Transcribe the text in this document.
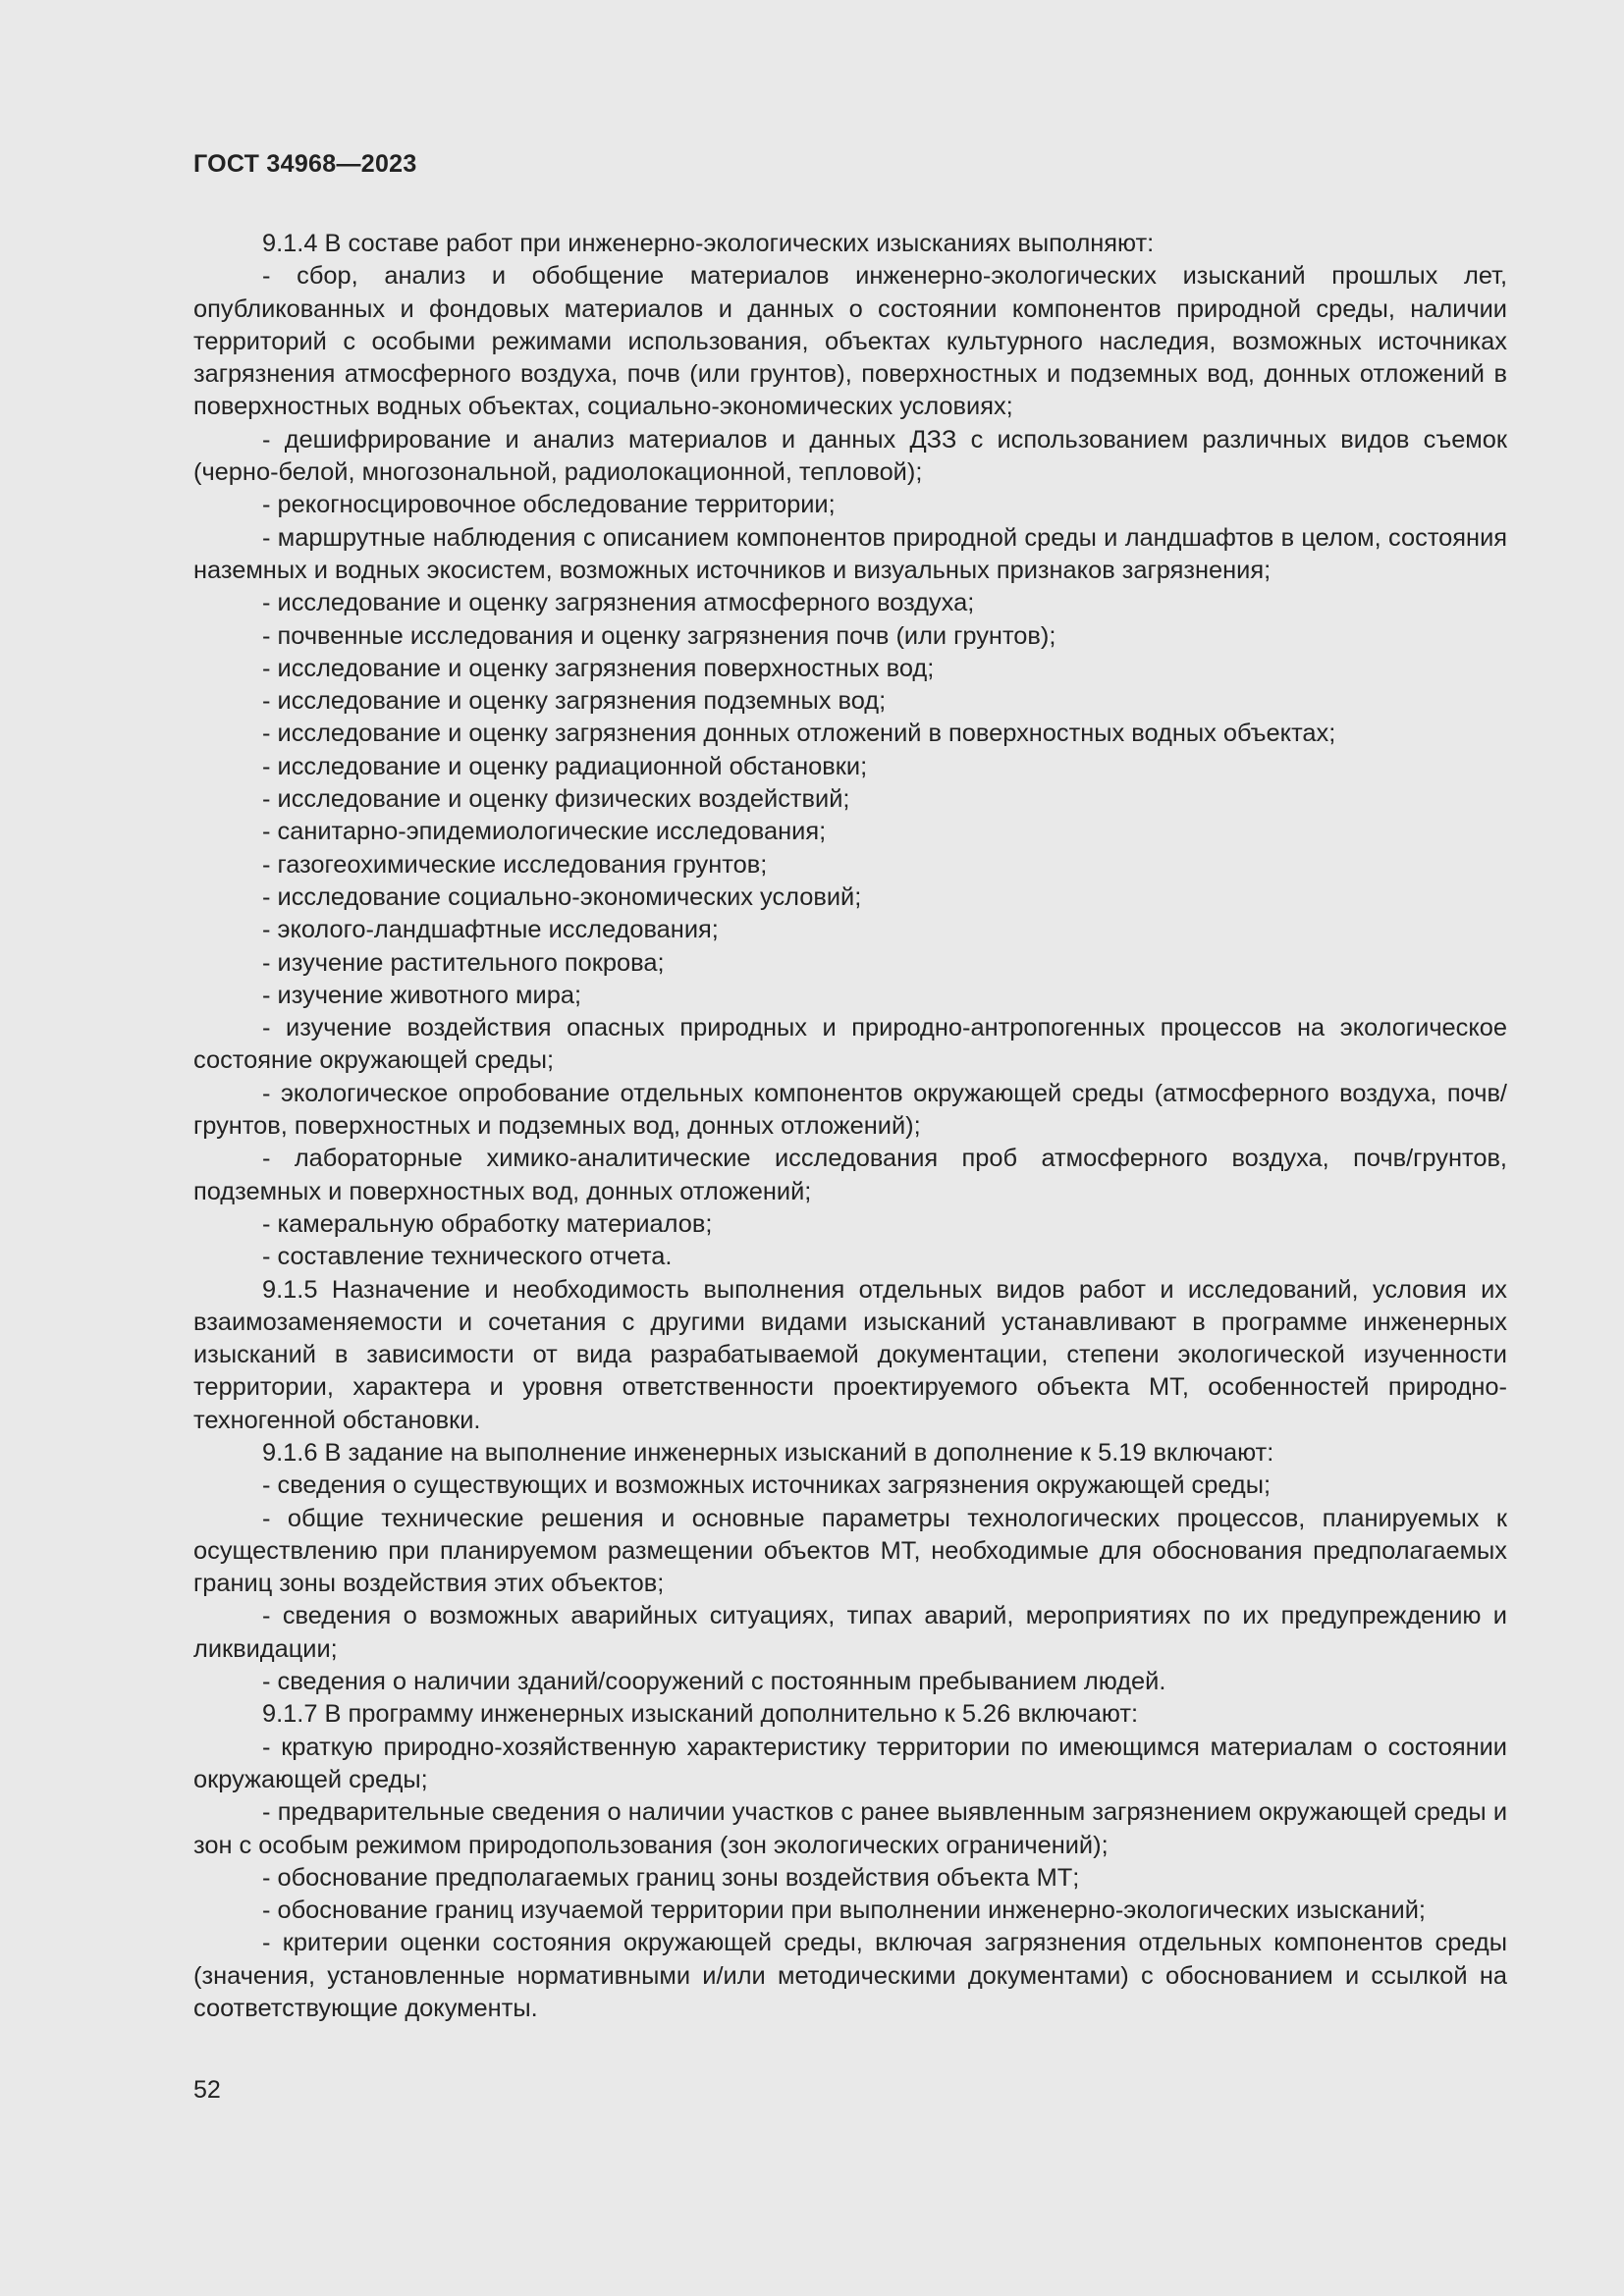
ГОСТ 34968—2023

9.1.4 В составе работ при инженерно-экологических изысканиях выполняют:

- сбор, анализ и обобщение материалов инженерно-экологических изысканий прошлых лет, опубликованных и фондовых материалов и данных о состоянии компонентов природной среды, наличии территорий с особыми режимами использования, объектах культурного наследия, возможных источниках загрязнения атмосферного воздуха, почв (или грунтов), поверхностных и подземных вод, донных отложений в поверхностных водных объектах, социально-экономических условиях;

- дешифрирование и анализ материалов и данных ДЗЗ с использованием различных видов съемок (черно-белой, многозональной, радиолокационной, тепловой);

- рекогносцировочное обследование территории;

- маршрутные наблюдения с описанием компонентов природной среды и ландшафтов в целом, состояния наземных и водных экосистем, возможных источников и визуальных признаков загрязнения;

- исследование и оценку загрязнения атмосферного воздуха;

- почвенные исследования и оценку загрязнения почв (или грунтов);

- исследование и оценку загрязнения поверхностных вод;

- исследование и оценку загрязнения подземных вод;

- исследование и оценку загрязнения донных отложений в поверхностных водных объектах;

- исследование и оценку радиационной обстановки;

- исследование и оценку физических воздействий;

- санитарно-эпидемиологические исследования;

- газогеохимические исследования грунтов;

- исследование социально-экономических условий;

- эколого-ландшафтные исследования;

- изучение растительного покрова;

- изучение животного мира;

- изучение воздействия опасных природных и природно-антропогенных процессов на экологическое состояние окружающей среды;

- экологическое опробование отдельных компонентов окружающей среды (атмосферного воздуха, почв/грунтов, поверхностных и подземных вод, донных отложений);

- лабораторные химико-аналитические исследования проб атмосферного воздуха, почв/грунтов, подземных и поверхностных вод, донных отложений;

- камеральную обработку материалов;

- составление технического отчета.

9.1.5 Назначение и необходимость выполнения отдельных видов работ и исследований, условия их взаимозаменяемости и сочетания с другими видами изысканий устанавливают в программе инженерных изысканий в зависимости от вида разрабатываемой документации, степени экологической изученности территории, характера и уровня ответственности проектируемого объекта МТ, особенностей природно-техногенной обстановки.

9.1.6 В задание на выполнение инженерных изысканий в дополнение к 5.19 включают:

- сведения о существующих и возможных источниках загрязнения окружающей среды;

- общие технические решения и основные параметры технологических процессов, планируемых к осуществлению при планируемом размещении объектов МТ, необходимые для обоснования предполагаемых границ зоны воздействия этих объектов;

- сведения о возможных аварийных ситуациях, типах аварий, мероприятиях по их предупреждению и ликвидации;

- сведения о наличии зданий/сооружений с постоянным пребыванием людей.

9.1.7 В программу инженерных изысканий дополнительно к 5.26 включают:

- краткую природно-хозяйственную характеристику территории по имеющимся материалам о состоянии окружающей среды;

- предварительные сведения о наличии участков с ранее выявленным загрязнением окружающей среды и зон с особым режимом природопользования (зон экологических ограничений);

- обоснование предполагаемых границ зоны воздействия объекта МТ;

- обоснование границ изучаемой территории при выполнении инженерно-экологических изысканий;

- критерии оценки состояния окружающей среды, включая загрязнения отдельных компонентов среды (значения, установленные нормативными и/или методическими документами) с обоснованием и ссылкой на соответствующие документы.

52
